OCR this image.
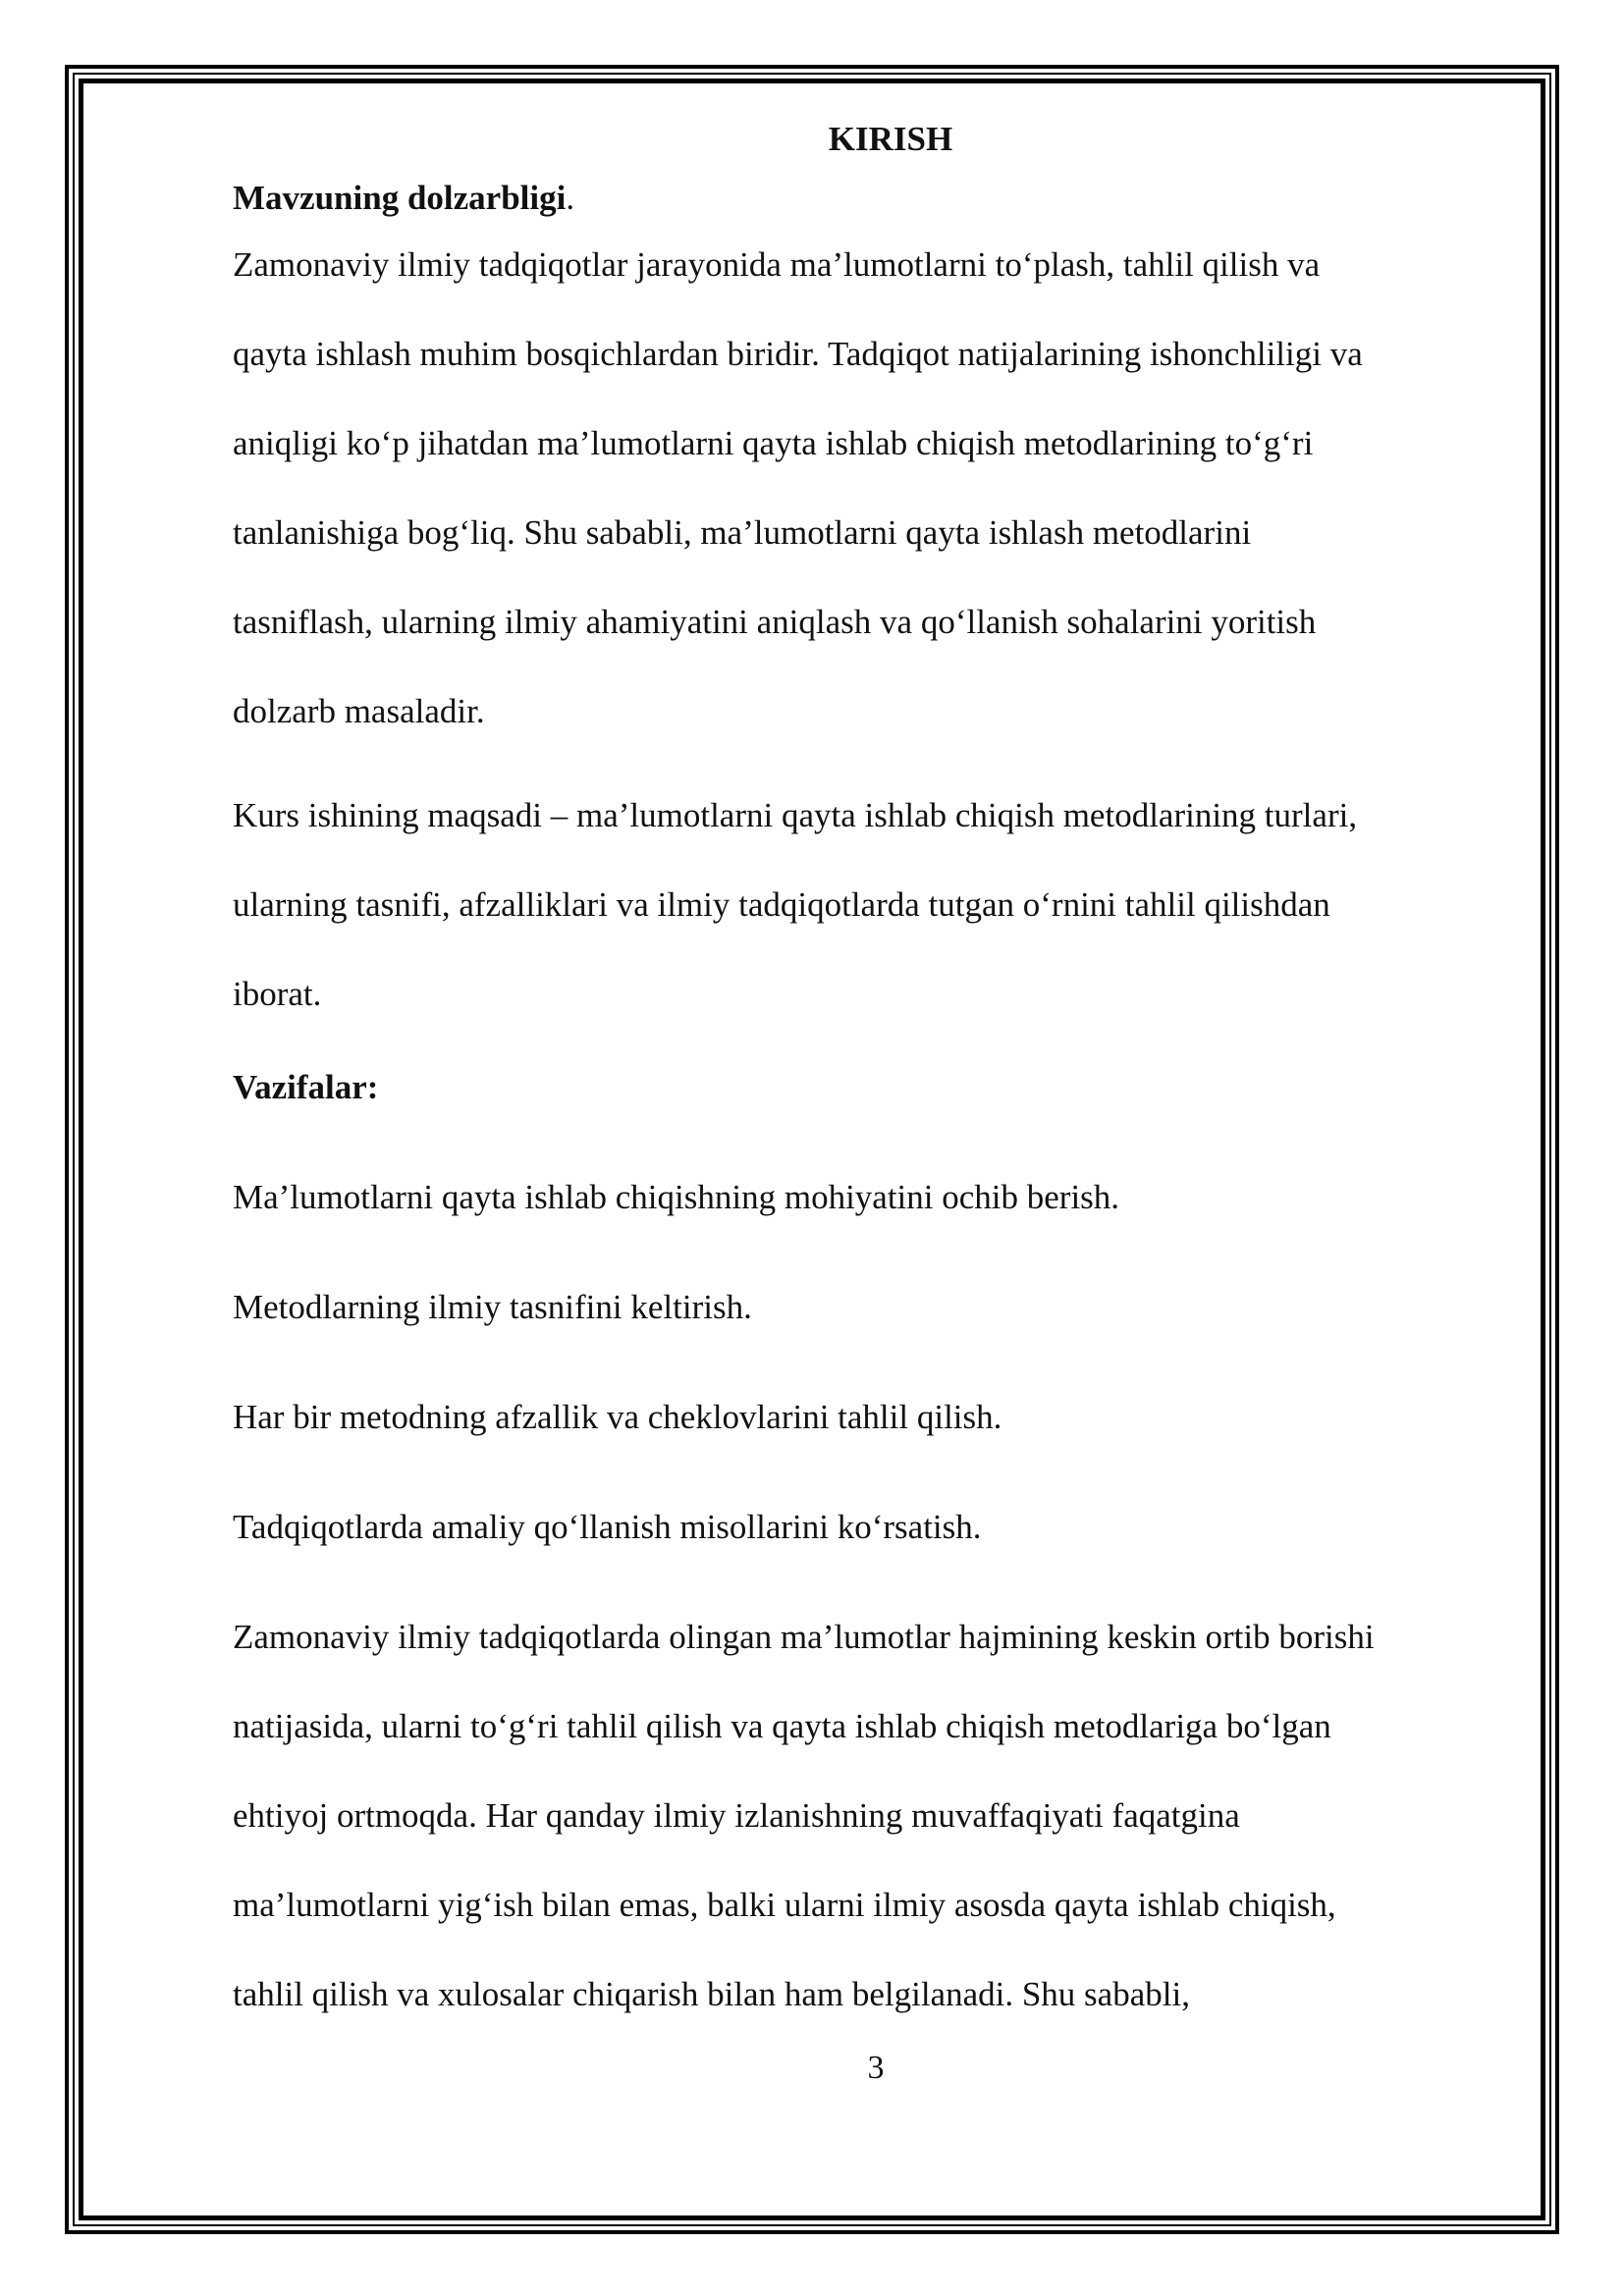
KIRISH

Mavzuning dolzarbligi.

Zamonaviy ilmiy tadqiqotlar jarayonida ma’lumotlarni to‘plash, tahlil qilish va
qayta ishlash muhim bosqichlardan biridir. Tadqiqot natijalarining ishonchliligi va
aniqligi ko‘p jihatdan ma’lumotlarni qayta ishlab chiqish metodlarining to‘g‘ri
tanlanishiga bog‘liq. Shu sababli, ma’lumotlarni qayta ishlash metodlarini
tasniflash, ularning ilmiy ahamiyatini aniqlash va qo‘llanish sohalarini yoritish
dolzarb masaladir.
Kurs ishining maqsadi – ma’lumotlarni qayta ishlab chiqish metodlarining turlari,
ularning tasnifi, afzalliklari va ilmiy tadqiqotlarda tutgan o‘rnini tahlil qilishdan
iborat.

Vazifalar:

Ma’lumotlarni qayta ishlab chiqishning mohiyatini ochib berish.

Metodlarning ilmiy tasnifini keltirish.

Har bir metodning afzallik va cheklovlarini tahlil qilish.

Tadqiqotlarda amaliy qo‘llanish misollarini ko‘rsatish.

Zamonaviy ilmiy tadqiqotlarda olingan ma’lumotlar hajmining keskin ortib borishi
natijasida, ularni to‘g‘ri tahlil qilish va qayta ishlab chiqish metodlariga bo‘lgan
ehtiyoj ortmoqda. Har qanday ilmiy izlanishning muvaffaqiyati faqatgina
ma’lumotlarni yig‘ish bilan emas, balki ularni ilmiy asosda qayta ishlab chiqish,
tahlil qilish va xulosalar chiqarish bilan ham belgilanadi. Shu sababli,
3
